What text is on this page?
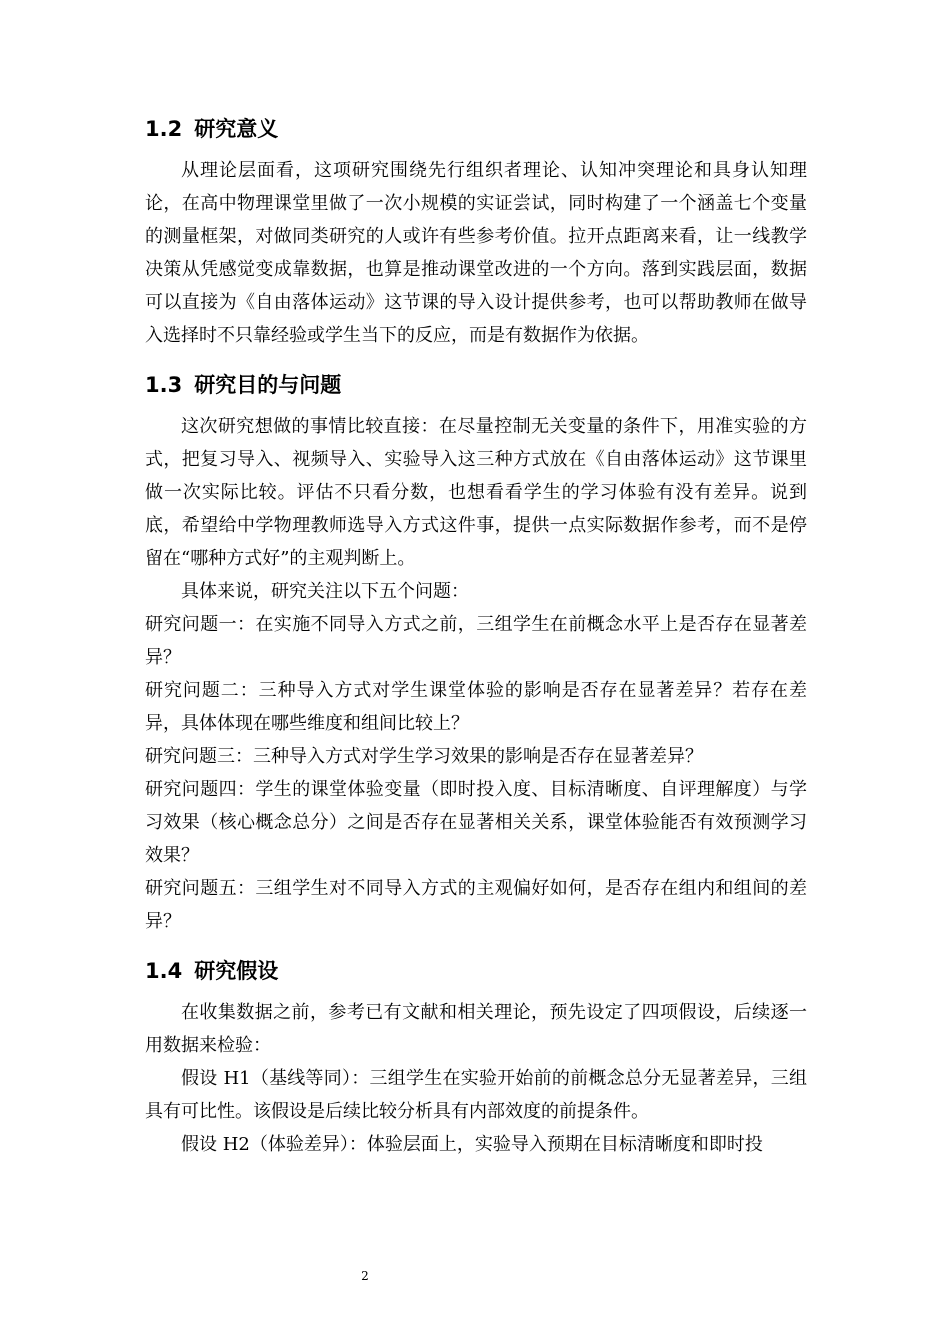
1.2 研究意义

从理论层面看，这项研究围绕先行组织者理论、认知冲突理论和具身认知理论，在高中物理课堂里做了一次小规模的实证尝试，同时构建了一个涵盖七个变量的测量框架，对做同类研究的人或许有些参考价值。拉开点距离来看，让一线教学决策从凭感觉变成靠数据，也算是推动课堂改进的一个方向。落到实践层面，数据可以直接为《自由落体运动》这节课的导入设计提供参考，也可以帮助教师在做导入选择时不只靠经验或学生当下的反应，而是有数据作为依据。

1.3 研究目的与问题

这次研究想做的事情比较直接：在尽量控制无关变量的条件下，用准实验的方式，把复习导入、视频导入、实验导入这三种方式放在《自由落体运动》这节课里做一次实际比较。评估不只看分数，也想看看学生的学习体验有没有差异。说到底，希望给中学物理教师选导入方式这件事，提供一点实际数据作参考，而不是停留在“哪种方式好”的主观判断上。

具体来说，研究关注以下五个问题：

研究问题一：在实施不同导入方式之前，三组学生在前概念水平上是否存在显著差异？

研究问题二：三种导入方式对学生课堂体验的影响是否存在显著差异？若存在差异，具体体现在哪些维度和组间比较上？

研究问题三：三种导入方式对学生学习效果的影响是否存在显著差异？

研究问题四：学生的课堂体验变量（即时投入度、目标清晰度、自评理解度）与学习效果（核心概念总分）之间是否存在显著相关关系，课堂体验能否有效预测学习效果？

研究问题五：三组学生对不同导入方式的主观偏好如何，是否存在组内和组间的差异？

1.4 研究假设

在收集数据之前，参考已有文献和相关理论，预先设定了四项假设，后续逐一用数据来检验：

假设 H1（基线等同）：三组学生在实验开始前的前概念总分无显著差异，三组具有可比性。该假设是后续比较分析具有内部效度的前提条件。

假设 H2（体验差异）：体验层面上，实验导入预期在目标清晰度和即时投

2
